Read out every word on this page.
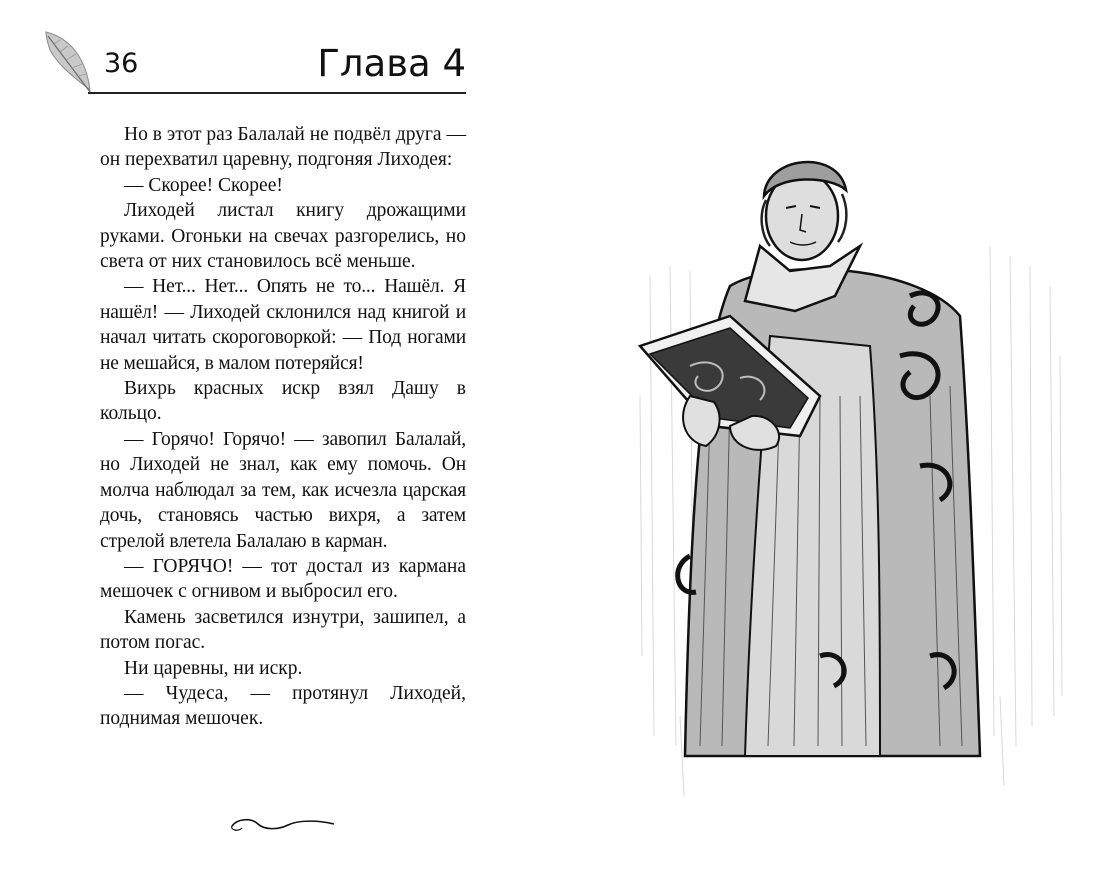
36	Глава 4

Но в этот раз Балалай не подвёл друга — он перехватил царевну, подгоняя Лиходея:

— Скорее! Скорее!

Лиходей листал книгу дрожащими руками. Огоньки на свечах разгорелись, но света от них становилось всё меньше.

— Нет... Нет... Опять не то... Нашёл. Я нашёл! — Лиходей склонился над книгой и начал читать скороговоркой: — Под ногами не мешайся, в малом потеряйся!

Вихрь красных искр взял Дашу в кольцо.

— Горячо! Горячо! — завопил Балалай, но Лиходей не знал, как ему помочь. Он молча наблюдал за тем, как исчезла царская дочь, становясь частью вихря, а затем стрелой влетела Балалаю в карман.

— ГОРЯЧО! — тот достал из кармана мешочек с огнивом и выбросил его.

Камень засветился изнутри, зашипел, а потом погас.

Ни царевны, ни искр.

— Чудеса, — протянул Лиходей, поднимая мешочек.
